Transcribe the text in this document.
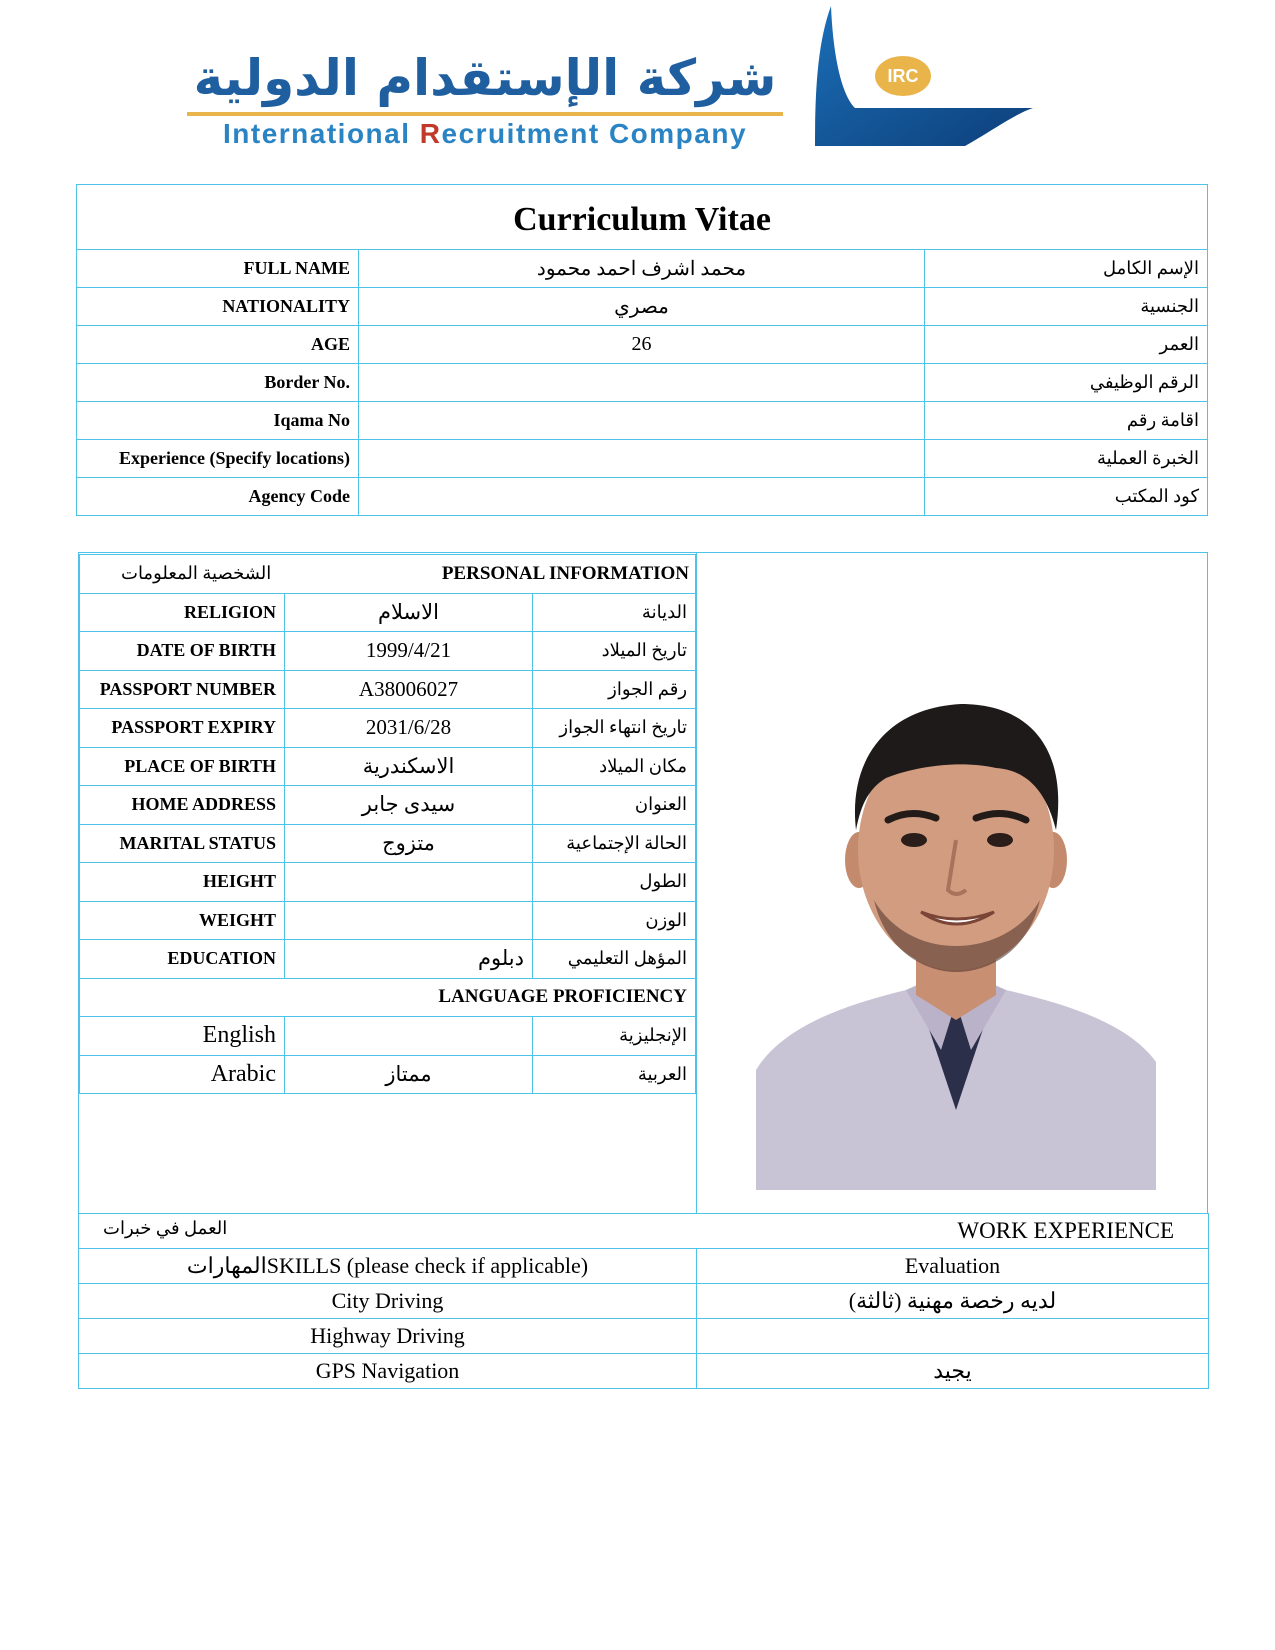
IRC
شركة الإستقدام الدولية
International Recruitment Company
Curriculum Vitae		
FULL NAME	محمد اشرف احمد محمود	الإسم الكامل
NATIONALITY	مصري	الجنسية
AGE	26	العمر
Border No.		الرقم الوظيفي
Iqama No		اقامة رقم
Experience (Specify locations)		الخبرة العملية
Agency Code		كود المكتب
الشخصية المعلومات PERSONAL INFORMATION		

RELIGION	الاسلام	الديانة
DATE OF BIRTH	1999/4/21	تاريخ الميلاد
PASSPORT NUMBER	A38006027	رقم الجواز
PASSPORT EXPIRY	2031/6/28	تاريخ انتهاء الجواز
PLACE OF BIRTH	الاسكندرية	مكان الميلاد
HOME ADDRESS	سيدى جابر	العنوان
MARITAL STATUS	متزوج	الحالة الإجتماعية
HEIGHT		الطول
WEIGHT		الوزن
EDUCATION	دبلوم	المؤهل التعليمي
LANGUAGE PROFICIENCY		
English		الإنجليزية
Arabic	ممتاز	العربية
العمل في خبرات WORK EXPERIENCE	

المهاراتSKILLS (please check if applicable)	Evaluation
City Driving	لديه رخصة مهنية (ثالثة)
Highway Driving	
GPS Navigation	يجيد
